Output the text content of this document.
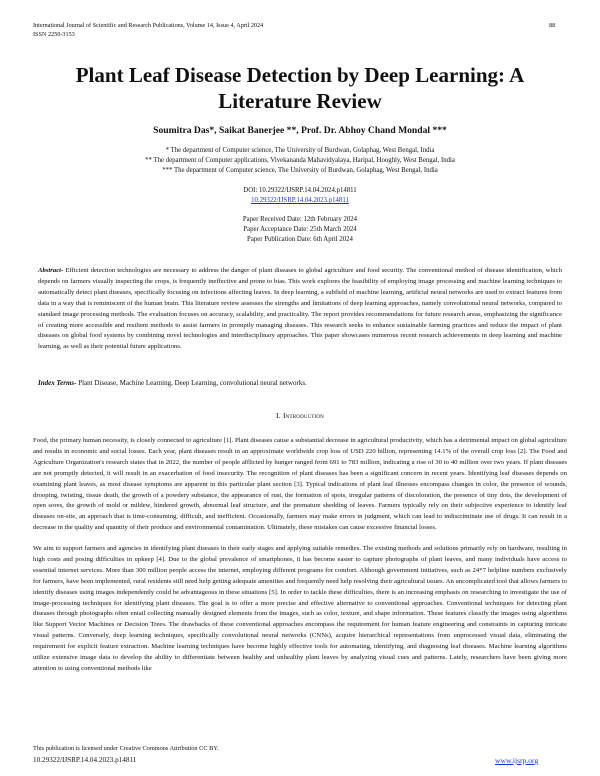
International Journal of Scientific and Research Publications, Volume 14, Issue 4, April 2024
ISSN 2250-3153
88
Plant Leaf Disease Detection by Deep Learning: A Literature Review
Soumitra Das*, Saikat Banerjee **, Prof. Dr. Abhoy Chand Mondal ***
* The department of Computer science, The University of Burdwan, Golaphag, West Bengal, India
** The department of Computer applications, Vivekananda Mahavidyalaya, Haripal, Hooghly, West Bengal, India
*** The department of Computer science, The University of Burdwan, Golaphag, West Bengal, India
DOI: 10.29322/IJSRP.14.04.2024.p14811
10.29322/IJSRP.14.04.2023.p14811
Paper Received Date: 12th February 2024
Paper Acceptance Date: 25th March 2024
Paper Publication Date: 6th April 2024
Abstract- Efficient detection technologies are necessary to address the danger of plant diseases to global agriculture and food security. The conventional method of disease identification, which depends on farmers visually inspecting the crops, is frequently ineffective and prone to bias. This work explores the feasibility of employing image processing and machine learning techniques to automatically detect plant diseases, specifically focusing on infections affecting leaves. In deep learning, a subfield of machine learning, artificial neural networks are used to extract features from data in a way that is reminiscent of the human brain. This literature review assesses the strengths and limitations of deep learning approaches, namely convolutional neural networks, compared to standard image processing methods. The evaluation focuses on accuracy, scalability, and practicality. The report provides recommendations for future research areas, emphasizing the significance of creating more accessible and resilient methods to assist farmers in promptly managing diseases. This research seeks to enhance sustainable farming practices and reduce the impact of plant diseases on global food systems by combining novel technologies and interdisciplinary approaches. This paper showcases numerous recent research achievements in deep learning and machine learning, as well as their potential future applications.
Index Terms- Plant Disease, Machine Learning, Deep Learning, convolutional neural networks.
I. Introduction

Food, the primary human necessity, is closely connected to agriculture [1]. Plant diseases cause a substantial decrease in agricultural productivity, which has a detrimental impact on global agriculture and results in economic and social losses. Each year, plant diseases result in an approximate worldwide crop loss of USD 220 billion, representing 14.1% of the overall crop loss [2]. The Food and Agriculture Organization's research states that in 2022, the number of people afflicted by hunger ranged from 691 to 783 million, indicating a rise of 30 to 40 million over two years. If plant diseases are not promptly detected, it will result in an exacerbation of food insecurity. The recognition of plant diseases has been a significant concern in recent years. Identifying leaf diseases depends on examining plant leaves, as most disease symptoms are apparent in this particular plant section [3]. Typical indications of plant leaf illnesses encompass changes in color, the presence of wounds, drooping, twisting, tissue death, the growth of a powdery substance, the appearance of rust, the formation of spots, irregular patterns of discoloration, the presence of tiny dots, the development of open sores, the growth of mold or mildew, hindered growth, abnormal leaf structure, and the premature shedding of leaves. Farmers typically rely on their subjective experience to identify leaf diseases on-site, an approach that is time-consuming, difficult, and inefficient. Occasionally, farmers may make errors in judgment, which can lead to indiscriminate use of drugs. It can result in a decrease in the quality and quantity of their produce and environmental contamination. Ultimately, these mistakes can cause excessive financial losses.

We aim to support farmers and agencies in identifying plant diseases in their early stages and applying suitable remedies. The existing methods and solutions primarily rely on hardware, resulting in high costs and posing difficulties in upkeep [4]. Due to the global prevalence of smartphones, it has become easier to capture photographs of plant leaves, and many individuals have access to essential internet services. More than 300 million people access the internet, employing different programs for comfort. Although government initiatives, such as 24*7 helpline numbers exclusively for farmers, have been implemented, rural residents still need help getting adequate amenities and frequently need help resolving their agricultural issues. An uncomplicated tool that allows farmers to identify diseases using images independently could be advantageous in these situations [5]. In order to tackle these difficulties, there is an increasing emphasis on researching to investigate the use of image-processing techniques for identifying plant diseases. The goal is to offer a more precise and effective alternative to conventional approaches. Conventional techniques for detecting plant diseases through photographs often entail collecting manually designed elements from the images, such as color, texture, and shape information. These features classify the images using algorithms like Support Vector Machines or Decision Trees. The drawbacks of these conventional approaches encompass the requirement for human feature engineering and constraints in capturing intricate visual patterns. Conversely, deep learning techniques, specifically convolutional neural networks (CNNs), acquire hierarchical representations from unprocessed visual data, eliminating the requirement for explicit feature extraction. Machine learning techniques have become highly effective tools for automating, identifying, and diagnosing leaf diseases. Machine learning algorithms utilize extensive image data to develop the ability to differentiate between healthy and unhealthy plant leaves by analyzing visual cues and patterns. Lately, researchers have been giving more attention to using conventional methods like

This publication is licensed under Creative Commons Attribution CC BY.
10.29322/IJSRP.14.04.2023.p14811	www.ijsrp.org
